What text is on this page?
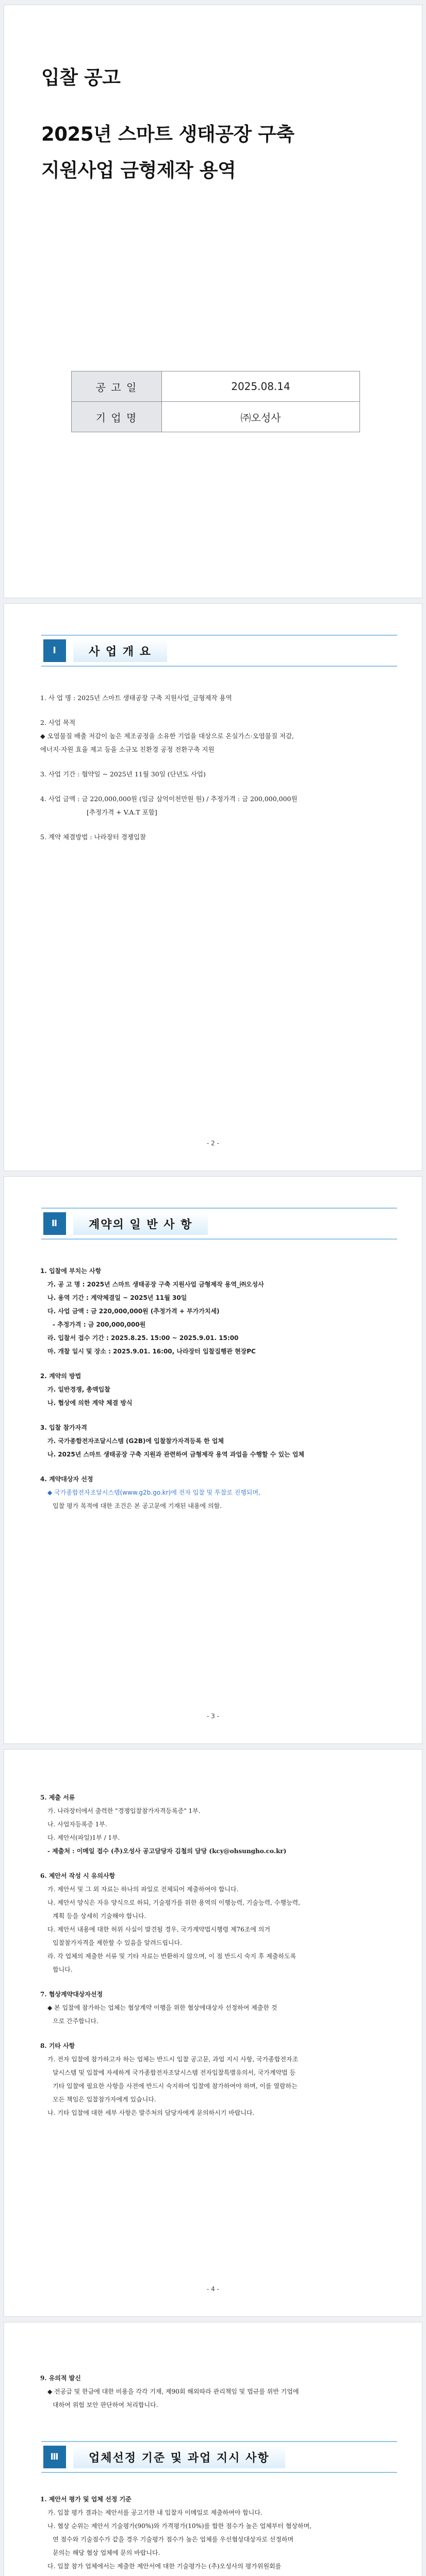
입찰 공고
2025년 스마트 생태공장 구축
지원사업 금형제작 용역
공 고 일	2025.08.14
기 업 명	㈜오성사
Ⅰ	사 업 개 요
1. 사 업 명 : 2025년 스마트 생태공장 구축 지원사업_금형제작 용역
2. 사업 목적
◆ 오염물질 배출 저감이 높은 제조공정을 소유한 기업을 대상으로 온실가스·오염물질 저감,
에너지·자원 효율 제고 등을 소규모 친환경 공정 전환구축 지원
3. 사업 기간 : 협약일 ~ 2025년 11월 30일 (단년도 사업)
4. 사업 금액 : 금 220,000,000원 (일금 삼억이천만원 원) / 추정가격 : 금 200,000,000원
[추정가격 + V.A.T 포함]
5. 계약 체결방법 : 나라장터 경쟁입찰
- 2 -
Ⅱ	계약의 일 반 사 항
1. 입찰에 부치는 사항
가. 공 고 명 : 2025년 스마트 생태공장 구축 지원사업 금형제작 용역_㈜오성사
나. 용역 기간 : 계약체결일 ~ 2025년 11월 30일
다. 사업 금액 : 금 220,000,000원 (추정가격 + 부가가치세)
- 추정가격 : 금 200,000,000원
라. 입찰서 접수 기간 : 2025.8.25. 15:00 ~ 2025.9.01. 15:00
마. 개찰 일시 및 장소 : 2025.9.01. 16:00, 나라장터 입찰집행관 현장PC
2. 계약의 방법
가. 일반경쟁, 총액입찰
나. 협상에 의한 계약 체결 방식
3. 입찰 참가자격
가. 국가종합전자조달시스템 (G2B)에 입찰참가자격등록 한 업체
나. 2025년 스마트 생태공장 구축 지원과 관련하여 금형제작 용역 과업을 수행할 수 있는 업체
4. 계약대상자 선정
◆ 국가종합전자조달시스템(www.g2b.go.kr)에 전자 입찰 및 투찰로 진행되며,
입찰 평가 목적에 대한 조건은 본 공고문에 기재된 내용에 의함.
- 3 -
5. 제출 서류
가. 나라장터에서 출력한 "경쟁입찰참가자격등록증" 1부.
나. 사업자등록증 1부.
다. 제안서(파일)1부 / 1부.
- 제출처 : 이메일 접수 (추)오성사 공고담당자 김철의 담당 (kcy@ohsungho.co.kr)
6. 제안서 작성 시 유의사항
가. 제안서 및 그 외 자료는 하나의 파일로 전체되어 제출하여야 합니다.
나. 제안서 양식은 자유 양식으로 하되, 기술평가를 위한 용역의 이행능력, 기술능력, 수행능력,
계획 등을 상세히 기술해야 합니다.
다. 제안서 내용에 대한 허위 사실이 발견될 경우, 국가계약법시행령 제76조에 의거
입찰참가자격을 제한할 수 있음을 알려드립니다.
라. 각 업체의 제출한 서류 및 기타 자료는 반환하지 않으며, 이 점 반드시 숙지 후 제출하도록
합니다.
7. 협상계약대상자선정
◆ 본 입찰에 참가하는 업체는 협상계약 이행을 위한 협상에대상자 선정하여 제출한 것
으로 간주합니다.
8. 기타 사항
가. 전자 입찰에 참가하고자 하는 업체는 반드시 입찰 공고문, 과업 지시 사항, 국가종합전자조
달시스템 및 입찰에 자세하게 국가종합전자조달시스템 전자입찰특별유의서, 국가계약법 등
기타 입찰에 필요한 사항을 사전에 반드시 숙지하여 입찰에 참가하여야 하며, 이를 열람하는
모든 책임은 입찰참가자에게 있습니다.
나. 기타 입찰에 대한 세부 사항은 발주처의 담당자에게 문의하시기 바랍니다.
- 4 -
9. 유의적 발신
◆ 전공급 및 한금에 대한 비용을 각각 기재, 제90회 해외따라 관리책임 및 법규를 위반 기업에
대하여 위험 보안 판단하여 처리합니다.
Ⅲ	업체선정 기준 및 과업 지시 사항
1. 제안서 평가 및 업체 선정 기준
가. 입찰 평가 결과는 제안서를 공고기한 내 입찰자 이메일로 제출하여야 합니다.
나. 협상 순위는 제안서 기술평가(90%)와 가격평가(10%)를 합한 점수가 높은 업체부터 협상하며,
연 점수와 기술점수가 같을 경우 기술평가 점수가 높은 업체를 우선협상대상자로 선정하며
문의는 해당 협상 업체에 문의 바랍니다.
다. 입찰 참가 업체에서는 제출한 제안서에 대한 기술평가는 (추)오성사의 평가위원회를
